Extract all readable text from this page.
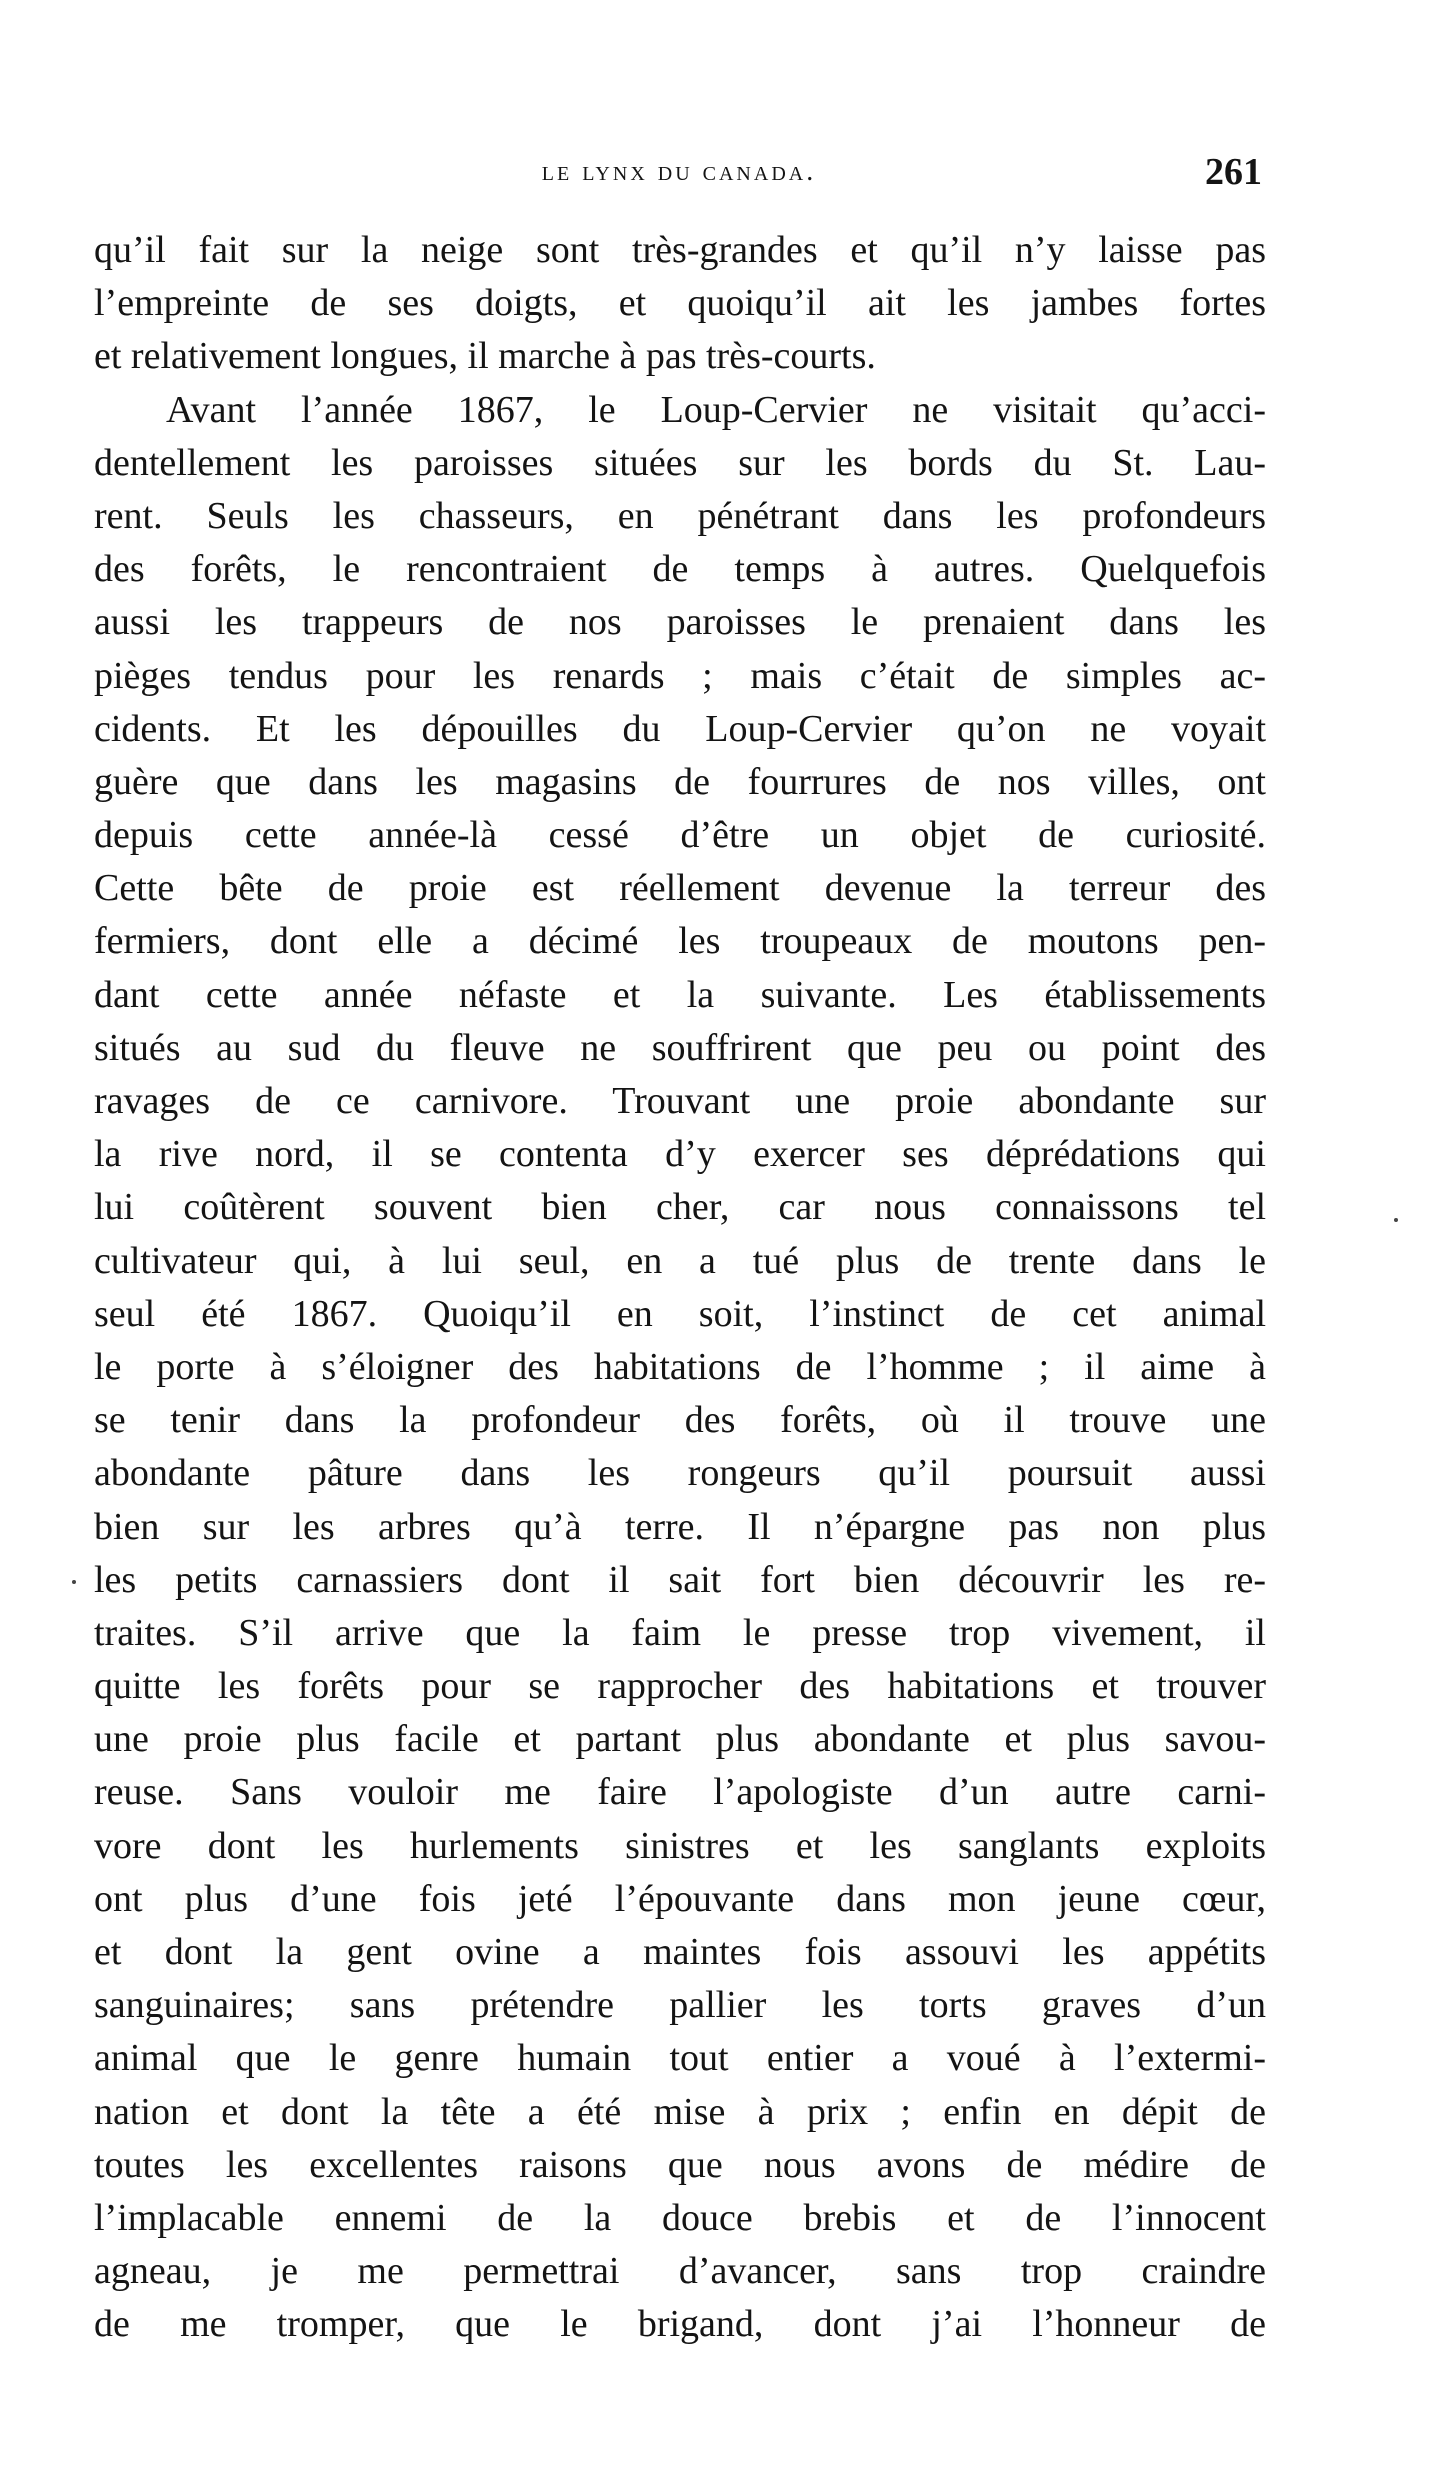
le lynx du canada.	261
qu’il fait sur la neige sont très-grandes et qu’il n’y laisse pas
l’empreinte de ses doigts, et quoiqu’il ait les jambes fortes
et relativement longues, il marche à pas très-courts.
Avant l’année 1867, le Loup-Cervier ne visitait qu’acci-
dentellement les paroisses situées sur les bords du St. Lau-
rent. Seuls les chasseurs, en pénétrant dans les profondeurs
des forêts, le rencontraient de temps à autres. Quelquefois
aussi les trappeurs de nos paroisses le prenaient dans les
pièges tendus pour les renards ; mais c’était de simples ac-
cidents. Et les dépouilles du Loup-Cervier qu’on ne voyait
guère que dans les magasins de fourrures de nos villes, ont
depuis cette année-là cessé d’être un objet de curiosité.
Cette bête de proie est réellement devenue la terreur des
fermiers, dont elle a décimé les troupeaux de moutons pen-
dant cette année néfaste et la suivante. Les établissements
situés au sud du fleuve ne souffrirent que peu ou point des
ravages de ce carnivore. Trouvant une proie abondante sur
la rive nord, il se contenta d’y exercer ses déprédations qui
lui coûtèrent souvent bien cher, car nous connaissons tel
cultivateur qui, à lui seul, en a tué plus de trente dans le
seul été 1867. Quoiqu’il en soit, l’instinct de cet animal
le porte à s’éloigner des habitations de l’homme ; il aime à
se tenir dans la profondeur des forêts, où il trouve une
abondante pâture dans les rongeurs qu’il poursuit aussi
bien sur les arbres qu’à terre. Il n’épargne pas non plus
les petits carnassiers dont il sait fort bien découvrir les re-
traites. S’il arrive que la faim le presse trop vivement, il
quitte les forêts pour se rapprocher des habitations et trouver
une proie plus facile et partant plus abondante et plus savou-
reuse. Sans vouloir me faire l’apologiste d’un autre carni-
vore dont les hurlements sinistres et les sanglants exploits
ont plus d’une fois jeté l’épouvante dans mon jeune cœur,
et dont la gent ovine a maintes fois assouvi les appétits
sanguinaires; sans prétendre pallier les torts graves d’un
animal que le genre humain tout entier a voué à l’extermi-
nation et dont la tête a été mise à prix ; enfin en dépit de
toutes les excellentes raisons que nous avons de médire de
l’implacable ennemi de la douce brebis et de l’innocent
agneau, je me permettrai d’avancer, sans trop craindre
de me tromper, que le brigand, dont j’ai l’honneur de
